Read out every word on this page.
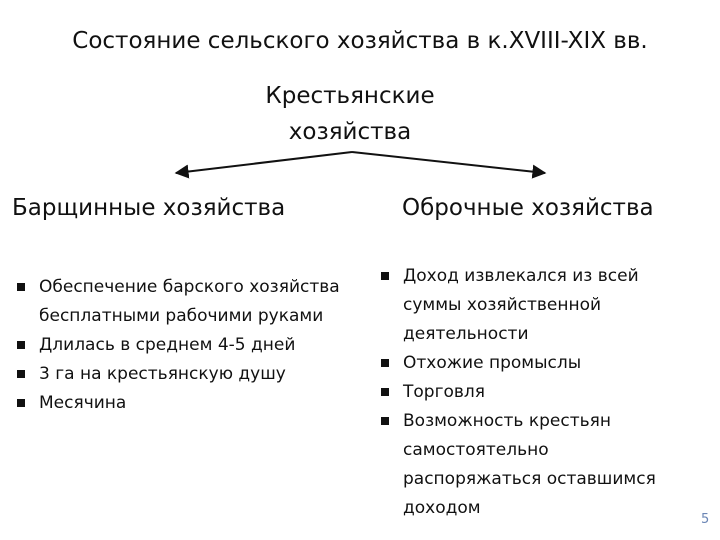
Состояние сельского хозяйства в к.XVIII-XIX вв.
Крестьянские
хозяйства
Барщинные хозяйства	Оброчные хозяйства
Обеспечение барского хозяйства бесплатными рабочими руками
Длилась в среднем 4-5 дней
3 га на крестьянскую душу
Месячина
Доход извлекался из всей суммы хозяйственной деятельности
Отхожие промыслы
Торговля
Возможность крестьян самостоятельно распоряжаться оставшимся доходом
5
